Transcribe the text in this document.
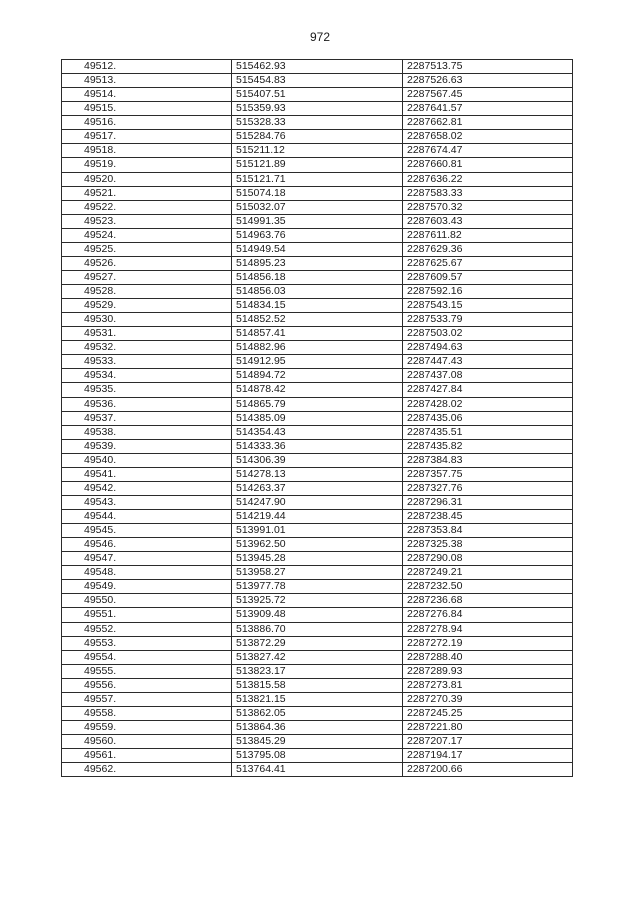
972
49512.	515462.93	2287513.75
49513.	515454.83	2287526.63
49514.	515407.51	2287567.45
49515.	515359.93	2287641.57
49516.	515328.33	2287662.81
49517.	515284.76	2287658.02
49518.	515211.12	2287674.47
49519.	515121.89	2287660.81
49520.	515121.71	2287636.22
49521.	515074.18	2287583.33
49522.	515032.07	2287570.32
49523.	514991.35	2287603.43
49524.	514963.76	2287611.82
49525.	514949.54	2287629.36
49526.	514895.23	2287625.67
49527.	514856.18	2287609.57
49528.	514856.03	2287592.16
49529.	514834.15	2287543.15
49530.	514852.52	2287533.79
49531.	514857.41	2287503.02
49532.	514882.96	2287494.63
49533.	514912.95	2287447.43
49534.	514894.72	2287437.08
49535.	514878.42	2287427.84
49536.	514865.79	2287428.02
49537.	514385.09	2287435.06
49538.	514354.43	2287435.51
49539.	514333.36	2287435.82
49540.	514306.39	2287384.83
49541.	514278.13	2287357.75
49542.	514263.37	2287327.76
49543.	514247.90	2287296.31
49544.	514219.44	2287238.45
49545.	513991.01	2287353.84
49546.	513962.50	2287325.38
49547.	513945.28	2287290.08
49548.	513958.27	2287249.21
49549.	513977.78	2287232.50
49550.	513925.72	2287236.68
49551.	513909.48	2287276.84
49552.	513886.70	2287278.94
49553.	513872.29	2287272.19
49554.	513827.42	2287288.40
49555.	513823.17	2287289.93
49556.	513815.58	2287273.81
49557.	513821.15	2287270.39
49558.	513862.05	2287245.25
49559.	513864.36	2287221.80
49560.	513845.29	2287207.17
49561.	513795.08	2287194.17
49562.	513764.41	2287200.66
